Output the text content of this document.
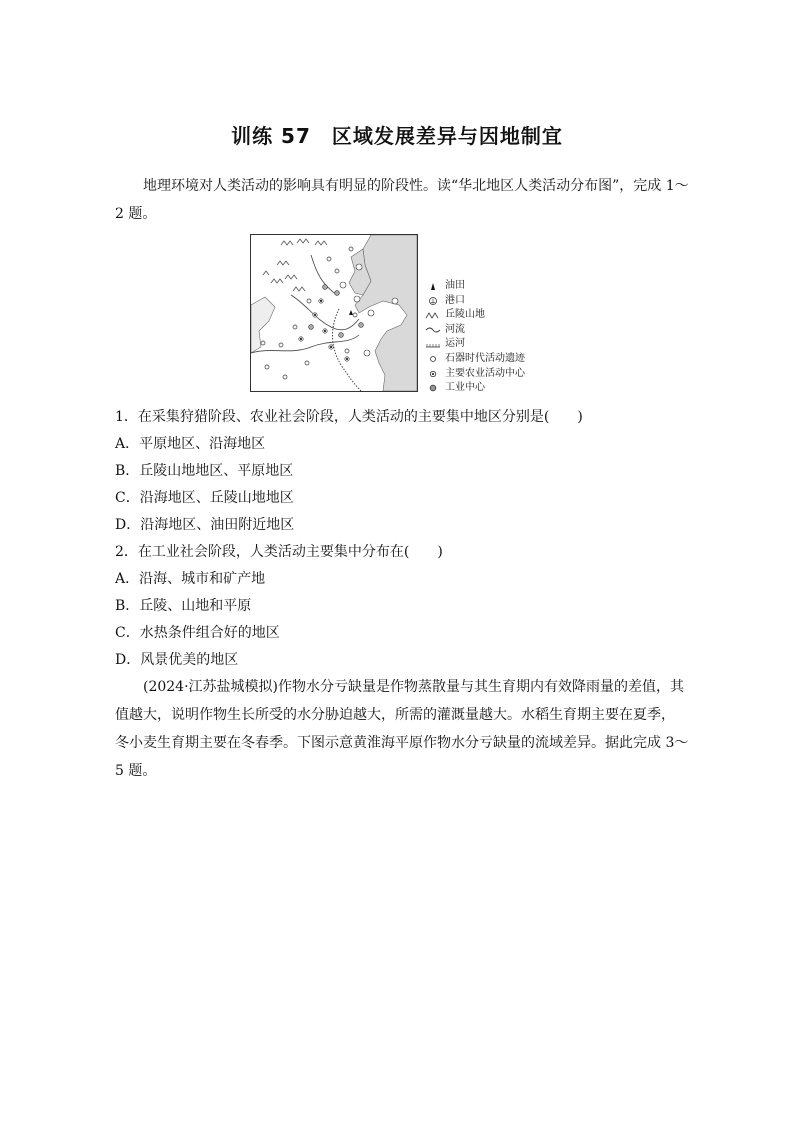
训练 57　区域发展差异与因地制宜
地理环境对人类活动的影响具有明显的阶段性。读“华北地区人类活动分布图”，完成 1～2 题。
油田
港口
丘陵山地
河流
运河
石器时代活动遗迹
主要农业活动中心
工业中心
1．在采集狩猎阶段、农业社会阶段，人类活动的主要集中地区分别是(　　)
A．平原地区、沿海地区
B．丘陵山地地区、平原地区
C．沿海地区、丘陵山地地区
D．沿海地区、油田附近地区
2．在工业社会阶段，人类活动主要集中分布在(　　)
A．沿海、城市和矿产地
B．丘陵、山地和平原
C．水热条件组合好的地区
D．风景优美的地区
(2024·江苏盐城模拟)作物水分亏缺量是作物蒸散量与其生育期内有效降雨量的差值，其
值越大，说明作物生长所受的水分胁迫越大，所需的灌溉量越大。水稻生育期主要在夏季，
冬小麦生育期主要在冬春季。下图示意黄淮海平原作物水分亏缺量的流域差异。据此完成 3～
5 题。
